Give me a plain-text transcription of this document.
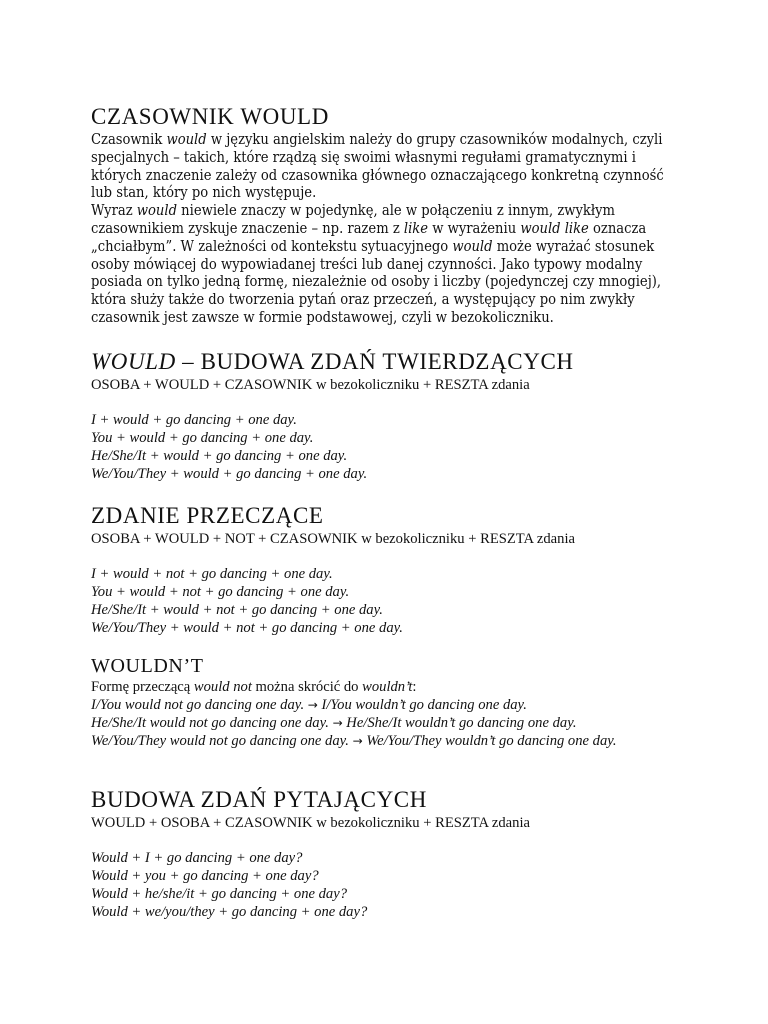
CZASOWNIK WOULD

Czasownik would w języku angielskim należy do grupy czasowników modalnych, czyli specjalnych – takich, które rządzą się swoimi własnymi regułami gramatycznymi i których znaczenie zależy od czasownika głównego oznaczającego konkretną czynność lub stan, który po nich występuje.

Wyraz would niewiele znaczy w pojedynkę, ale w połączeniu z innym, zwykłym czasownikiem zyskuje znaczenie – np. razem z like w wyrażeniu would like oznacza „chciałbym”. W zależności od kontekstu sytuacyjnego would może wyrażać stosunek osoby mówiącej do wypowiadanej treści lub danej czynności. Jako typowy modalny posiada on tylko jedną formę, niezależnie od osoby i liczby (pojedynczej czy mnogiej), która służy także do tworzenia pytań oraz przeczeń, a występujący po nim zwykły czasownik jest zawsze w formie podstawowej, czyli w bezokoliczniku.

WOULD – BUDOWA ZDAŃ TWIERDZĄCYCH

OSOBA + WOULD + CZASOWNIK w bezokoliczniku + RESZTA zdania

I + would + go dancing + one day.

You + would + go dancing + one day.

He/She/It + would + go dancing + one day.

We/You/They + would + go dancing + one day.

ZDANIE PRZECZĄCE

OSOBA + WOULD + NOT + CZASOWNIK w bezokoliczniku + RESZTA zdania

I + would + not + go dancing + one day.

You + would + not + go dancing + one day.

He/She/It + would + not + go dancing + one day.

We/You/They + would + not + go dancing + one day.

WOULDN’T

Formę przeczącą would not można skrócić do wouldn’t:

I/You would not go dancing one day. → I/You wouldn’t go dancing one day.

He/She/It would not go dancing one day. → He/She/It wouldn’t go dancing one day.

We/You/They would not go dancing one day. → We/You/They wouldn’t go dancing one day.

BUDOWA ZDAŃ PYTAJĄCYCH

WOULD + OSOBA + CZASOWNIK w bezokoliczniku + RESZTA zdania

Would + I + go dancing + one day?

Would + you + go dancing + one day?

Would + he/she/it + go dancing + one day?

Would + we/you/they + go dancing + one day?
